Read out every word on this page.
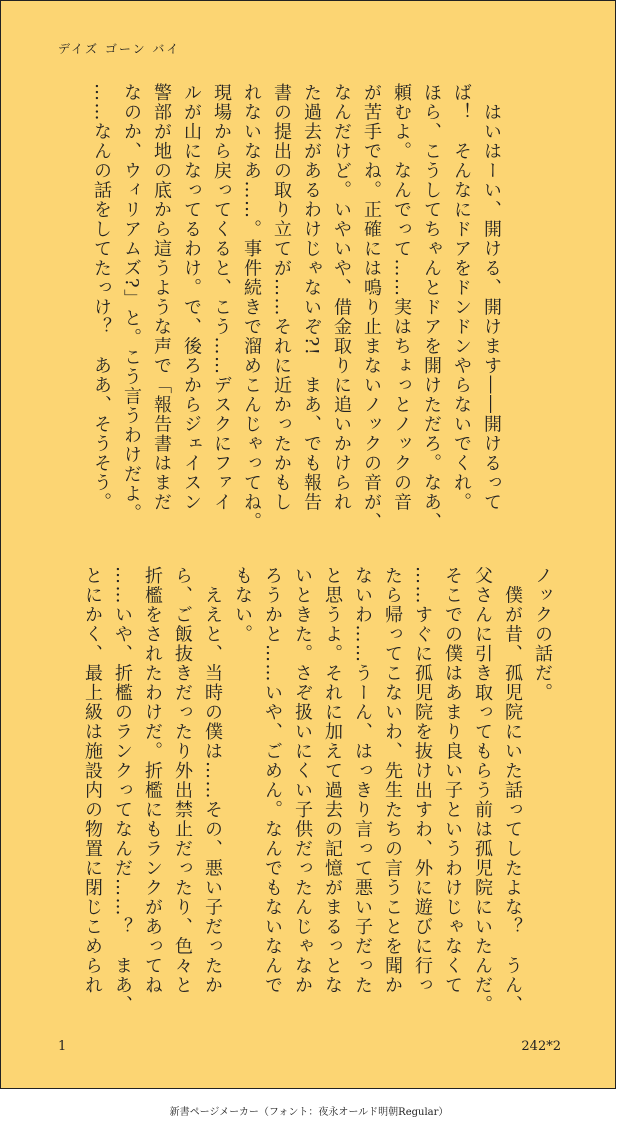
デイズ ゴーン バイ
　はいはーい、開ける、開けます――開けるって
ば！　そんなにドアをドンドンやらないでくれ。
ほら、こうしてちゃんとドアを開けただろ。なあ、
頼むよ。なんでって……実はちょっとノックの音
が苦手でね。正確には鳴り止まないノックの音が、
なんだけど。いやいや、借金取りに追いかけられ
た過去があるわけじゃないぞ?!　まあ、でも報告
書の提出の取り立てが……それに近かったかもし
れないなあ……。事件続きで溜めこんじゃってね。
現場から戻ってくると、こう……デスクにファイ
ルが山になってるわけ。で、後ろからジェイスン
警部が地の底から這うような声で「報告書はまだ
なのか、ウィリアムズ?」と。こう言うわけだよ。
……なんの話をしてたっけ？　ああ、そうそう。
ノックの話だ。
　僕が昔、孤児院にいた話ってしたよな？　うん、
父さんに引き取ってもらう前は孤児院にいたんだ。
そこでの僕はあまり良い子というわけじゃなくて
……すぐに孤児院を抜け出すわ、外に遊びに行っ
たら帰ってこないわ、先生たちの言うことを聞か
ないわ……うーん、はっきり言って悪い子だった
と思うよ。それに加えて過去の記憶がまるっとな
いときた。さぞ扱いにくい子供だったんじゃなか
ろうかと……いや、ごめん。なんでもないなんで
もない。
　ええと、当時の僕は……その、悪い子だったか
ら、ご飯抜きだったり外出禁止だったり、色々と
折檻をされたわけだ。折檻にもランクがあってね
……いや、折檻のランクってなんだ……？　まあ、
とにかく、最上級は施設内の物置に閉じこめられ
1	242*2
新書ページメーカー（フォント：夜永オールド明朝Regular）
